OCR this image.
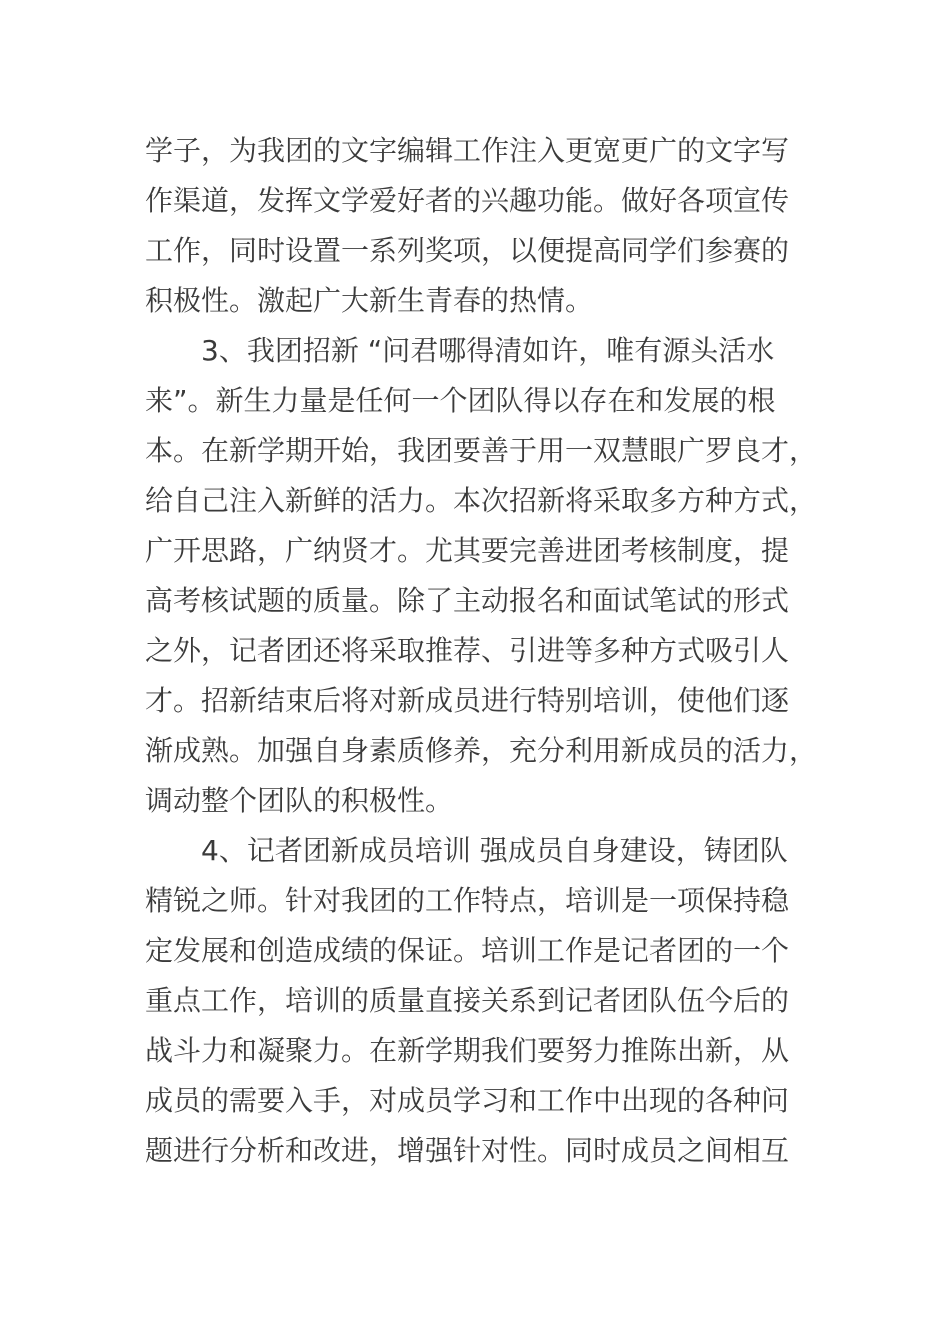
学子，为我团的文字编辑工作注入更宽更广的文字写
作渠道，发挥文学爱好者的兴趣功能。做好各项宣传
工作，同时设置一系列奖项，以便提高同学们参赛的
积极性。激起广大新生青春的热情。
3、我团招新 “问君哪得清如许，唯有源头活水
来”。新生力量是任何一个团队得以存在和发展的根
本。在新学期开始，我团要善于用一双慧眼广罗良才，
给自己注入新鲜的活力。本次招新将采取多方种方式，
广开思路，广纳贤才。尤其要完善进团考核制度，提
高考核试题的质量。除了主动报名和面试笔试的形式
之外，记者团还将采取推荐、引进等多种方式吸引人
才。招新结束后将对新成员进行特别培训，使他们逐
渐成熟。加强自身素质修养，充分利用新成员的活力，
调动整个团队的积极性。
4、记者团新成员培训 强成员自身建设，铸团队
精锐之师。针对我团的工作特点，培训是一项保持稳
定发展和创造成绩的保证。培训工作是记者团的一个
重点工作，培训的质量直接关系到记者团队伍今后的
战斗力和凝聚力。在新学期我们要努力推陈出新，从
成员的需要入手，对成员学习和工作中出现的各种问
题进行分析和改进，增强针对性。同时成员之间相互
